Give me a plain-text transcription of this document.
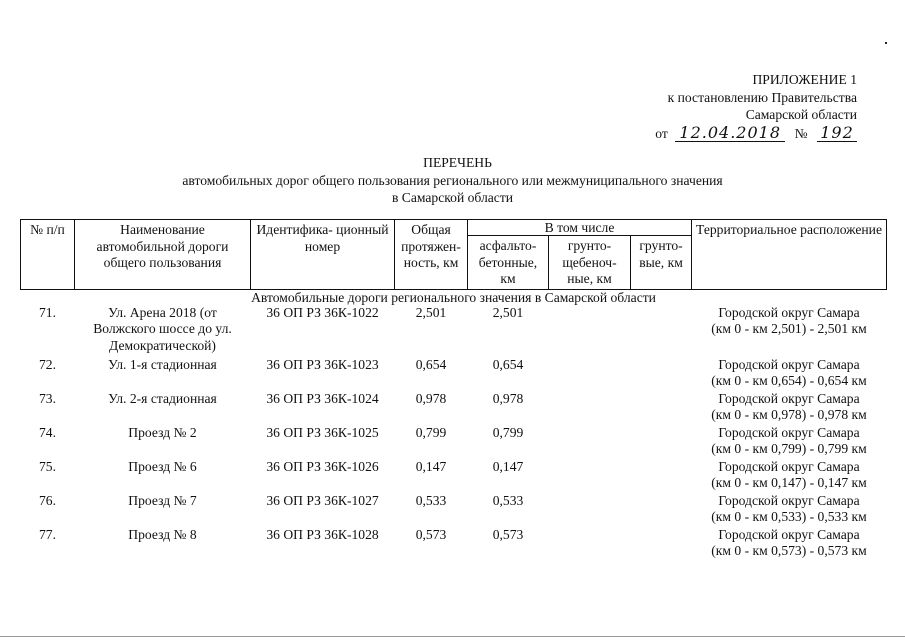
ПРИЛОЖЕНИЕ 1
к постановлению Правительства
Самарской области
от 12.04.2018 № 192
ПЕРЕЧЕНЬ
автомобильных дорог общего пользования регионального или межмуниципального значения
в Самарской области
№ п/п	Наименование автомобильной дороги общего пользования	Идентифика- ционный номер	Общая протяжен- ность, км	В том числе			Территориальное расположение
				асфальто- бетонные, км	грунто- щебеноч- ные, км	грунто- вые, км	
Автомобильные дороги регионального значения в Самарской области							
71.	Ул. Арена 2018 (от Волжского шоссе до ул. Демократической)	36 ОП РЗ 36К-1022	2,501	2,501			Городской округ Самара
(км 0 - км 2,501) - 2,501 км

72.	Ул. 1-я стадионная	36 ОП РЗ 36К-1023	0,654	0,654			Городской округ Самара
(км 0 - км 0,654) - 0,654 км

73.	Ул. 2-я стадионная	36 ОП РЗ 36К-1024	0,978	0,978			Городской округ Самара
(км 0 - км 0,978) - 0,978 км

74.	Проезд № 2	36 ОП РЗ 36К-1025	0,799	0,799			Городской округ Самара
(км 0 - км 0,799) - 0,799 км

75.	Проезд № 6	36 ОП РЗ 36К-1026	0,147	0,147			Городской округ Самара
(км 0 - км 0,147) - 0,147 км

76.	Проезд № 7	36 ОП РЗ 36К-1027	0,533	0,533			Городской округ Самара
(км 0 - км 0,533) - 0,533 км

77.	Проезд № 8	36 ОП РЗ 36К-1028	0,573	0,573			Городской округ Самара
(км 0 - км 0,573) - 0,573 км
